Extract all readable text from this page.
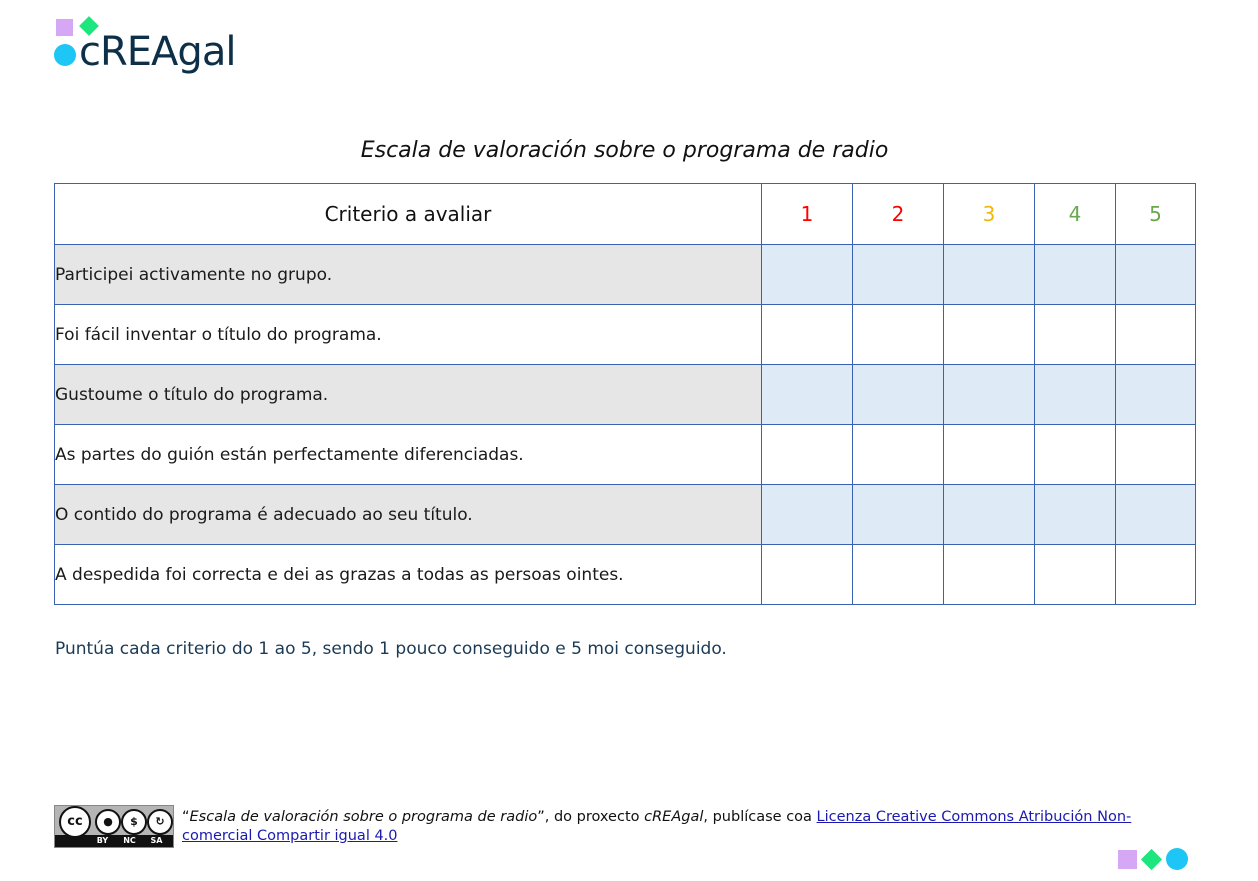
cREAgal
Escala de valoración sobre o programa de radio
Criterio a avaliar	1	2	3	4	5
Participei activamente no grupo.					
Foi fácil inventar o título do programa.					
Gustoume o título do programa.					
As partes do guión están perfectamente diferenciadas.					
O contido do programa é adecuado ao seu título.					
A despedida foi correcta e dei as grazas a todas as persoas ointes.					
Puntúa cada criterio do 1 ao 5, sendo 1 pouco conseguido e 5 moi conseguido.
cc	●	$	↻
BY NC SA
“Escala de valoración sobre o programa de radio”, do proxecto cREAgal, publícase coa Licenza Creative Commons Atribución Non-comercial Compartir igual 4.0
